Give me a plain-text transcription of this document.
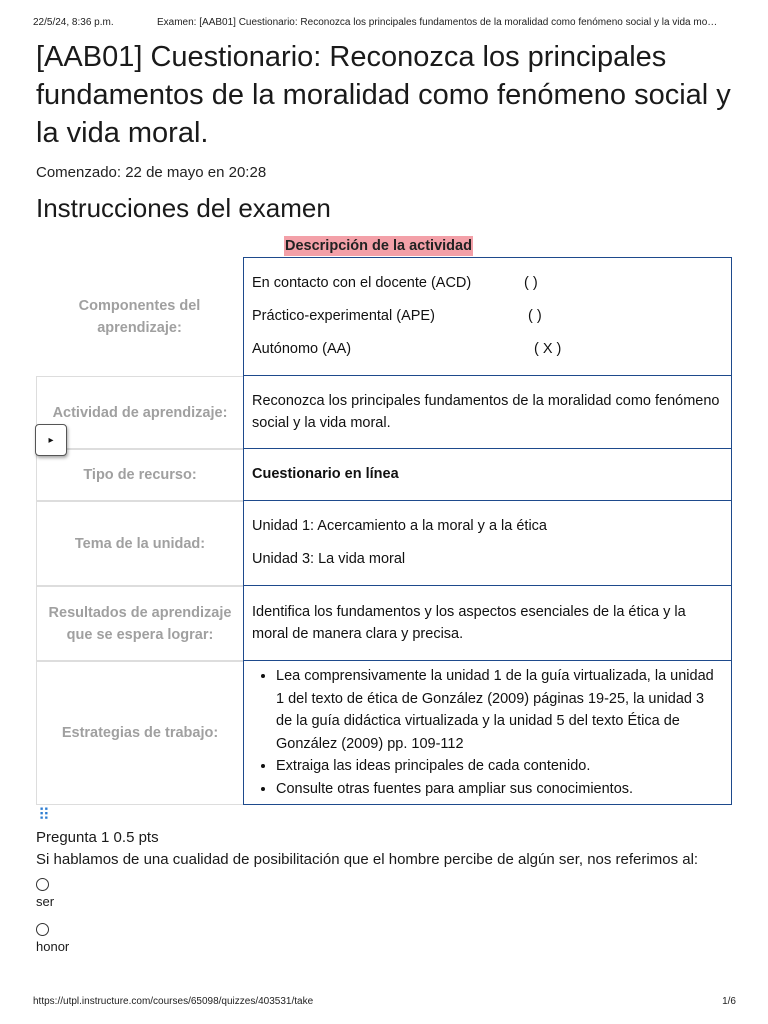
22/5/24, 8:36 p.m.	Examen: [AAB01] Cuestionario: Reconozca los principales fundamentos de la moralidad como fenómeno social y la vida mo…
[AAB01] Cuestionario: Reconozca los principales fundamentos de la moralidad como fenómeno social y la vida moral.
Comenzado: 22 de mayo en 20:28
Instrucciones del examen
Descripción de la actividad
Componentes del aprendizaje:
En contacto con el docente (ACD)	( )
Práctico-experimental (APE)	( )
Autónomo (AA)	( X )
Actividad de aprendizaje:

Reconozca los principales fundamentos de la moralidad como fenómeno social y la vida moral.

Tipo de recurso:	Cuestionario en línea

Tema de la unidad:
Unidad 1: Acercamiento a la moral y a la ética
Unidad 3: La vida moral
Resultados de aprendizaje que se espera lograr:

Identifica los fundamentos y los aspectos esenciales de la ética y la moral de manera clara y precisa.

Estrategias de trabajo:
• Lea comprensivamente la unidad 1 de la guía virtualizada, la unidad 1 del texto de ética de González (2009) páginas 19-25, la unidad 3 de la guía didáctica virtualizada y la unidad 5 del texto Ética de González (2009) pp. 109-112
• Extraiga las ideas principales de cada contenido.
• Consulte otras fuentes para ampliar sus conocimientos.
▸
⠿
Pregunta 1 0.5 pts
Si hablamos de una cualidad de posibilitación que el hombre percibe de algún ser, nos referimos al:
ser
honor
https://utpl.instructure.com/courses/65098/quizzes/403531/take	1/6
